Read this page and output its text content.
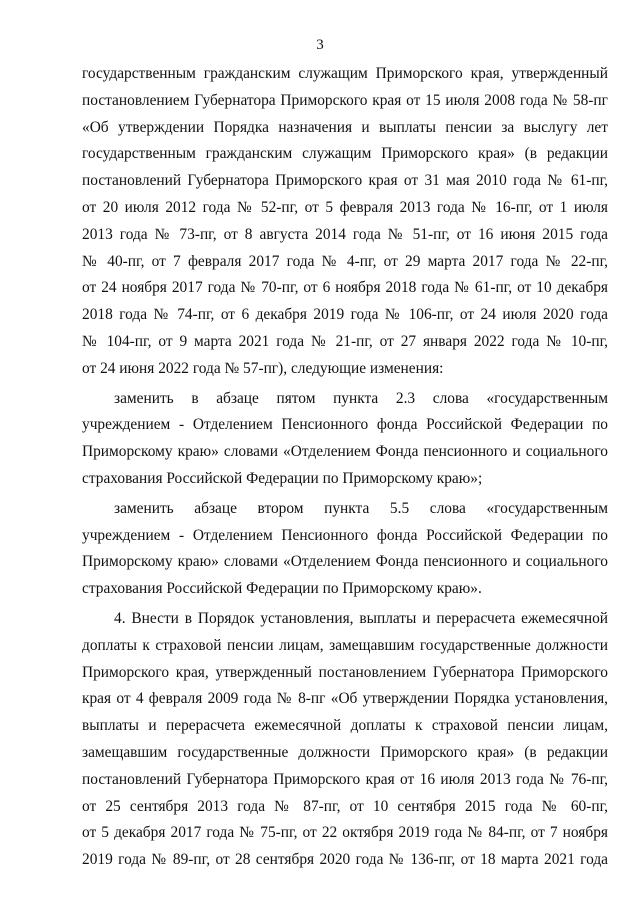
3
государственным гражданским служащим Приморского края, утвержденный
постановлением Губернатора Приморского края от 15 июля 2008 года № 58-пг
«Об утверждении Порядка назначения и выплаты пенсии за выслугу лет
государственным гражданским служащим Приморского края» (в редакции
постановлений Губернатора Приморского края от 31 мая 2010 года № 61-пг,
от 20 июля 2012 года № 52-пг, от 5 февраля 2013 года № 16-пг, от 1 июля
2013 года № 73-пг, от 8 августа 2014 года № 51-пг, от 16 июня 2015 года
№ 40-пг, от 7 февраля 2017 года № 4-пг, от 29 марта 2017 года № 22-пг,
от 24 ноября 2017 года № 70-пг, от 6 ноября 2018 года № 61-пг, от 10 декабря
2018 года № 74-пг, от 6 декабря 2019 года № 106-пг, от 24 июля 2020 года
№ 104-пг, от 9 марта 2021 года № 21-пг, от 27 января 2022 года № 10-пг,
от 24 июня 2022 года № 57-пг), следующие изменения:
заменить в абзаце пятом пункта 2.3 слова «государственным
учреждением - Отделением Пенсионного фонда Российской Федерации по
Приморскому краю» словами «Отделением Фонда пенсионного и социального
страхования Российской Федерации по Приморскому краю»;
заменить абзаце втором пункта 5.5 слова «государственным
учреждением - Отделением Пенсионного фонда Российской Федерации по
Приморскому краю» словами «Отделением Фонда пенсионного и социального
страхования Российской Федерации по Приморскому краю».
4. Внести в Порядок установления, выплаты и перерасчета ежемесячной
доплаты к страховой пенсии лицам, замещавшим государственные должности
Приморского края, утвержденный постановлением Губернатора Приморского
края от 4 февраля 2009 года № 8-пг «Об утверждении Порядка установления,
выплаты и перерасчета ежемесячной доплаты к страховой пенсии лицам,
замещавшим государственные должности Приморского края» (в редакции
постановлений Губернатора Приморского края от 16 июля 2013 года № 76-пг,
от 25 сентября 2013 года № 87-пг, от 10 сентября 2015 года № 60-пг,
от 5 декабря 2017 года № 75-пг, от 22 октября 2019 года № 84-пг, от 7 ноября
2019 года № 89-пг, от 28 сентября 2020 года № 136-пг, от 18 марта 2021 года
